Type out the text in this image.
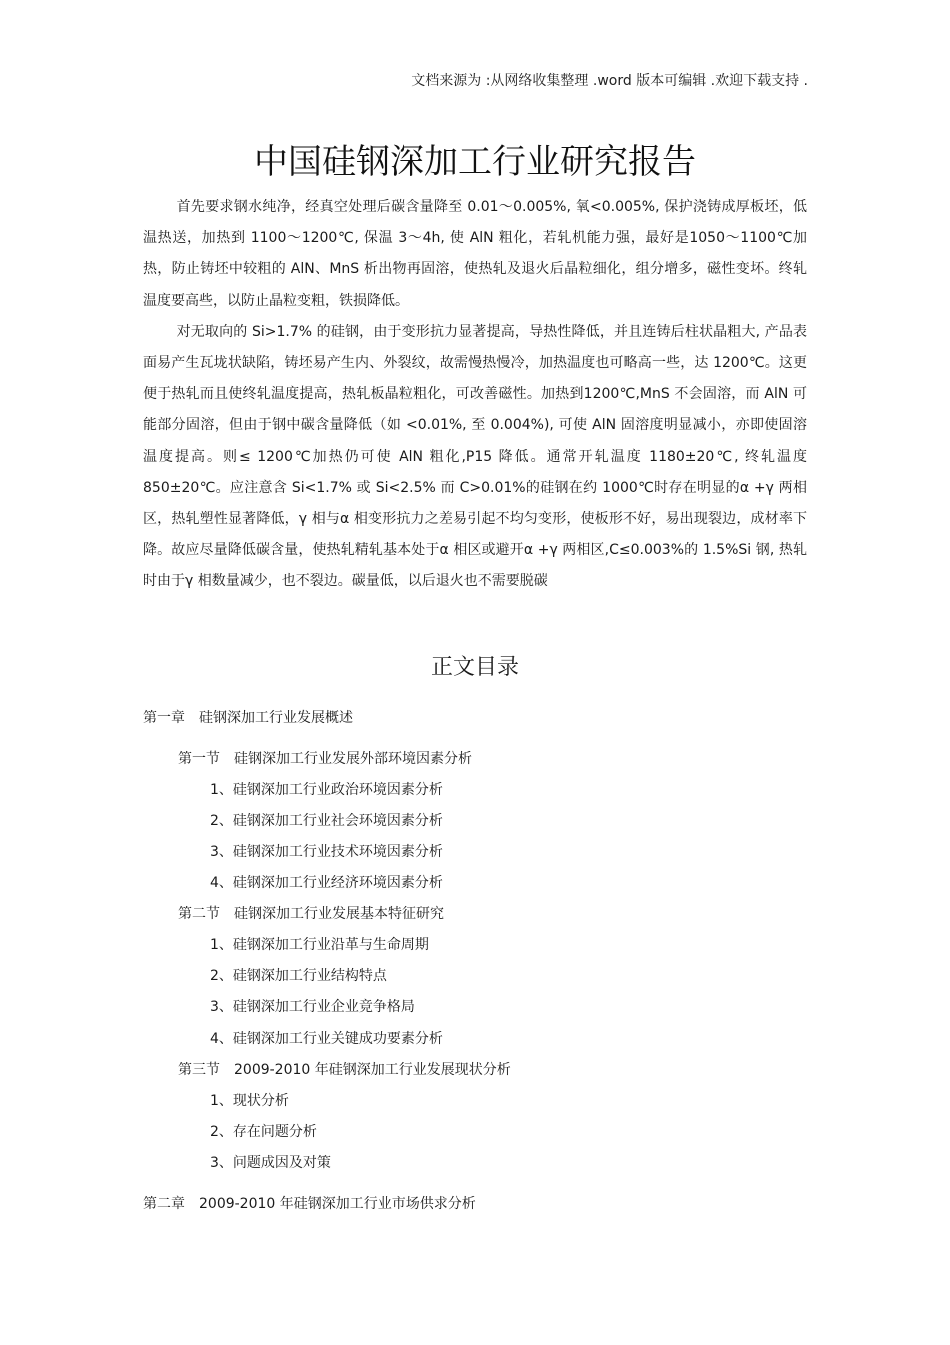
文档来源为 :从网络收集整理 .word 版本可编辑 .欢迎下载支持 .
中国硅钢深加工行业研究报告

首先要求钢水纯净，经真空处理后碳含量降至 0.01～0.005%, 氧<0.005%, 保护浇铸成厚板坯，低温热送，加热到 1100～1200℃, 保温 3～4h, 使 AlN 粗化，若轧机能力强，最好是1050～1100℃加热，防止铸坯中较粗的 AlN、MnS 析出物再固溶，使热轧及退火后晶粒细化，组分增多，磁性变坏。终轧温度要高些，以防止晶粒变粗，铁损降低。

对无取向的 Si>1.7% 的硅钢，由于变形抗力显著提高，导热性降低，并且连铸后柱状晶粗大, 产品表面易产生瓦垅状缺陷，铸坯易产生内、外裂纹，故需慢热慢冷，加热温度也可略高一些，达 1200℃。这更便于热轧而且使终轧温度提高，热轧板晶粒粗化，可改善磁性。加热到1200℃,MnS 不会固溶，而 AlN 可能部分固溶，但由于钢中碳含量降低（如 <0.01%, 至 0.004%), 可使 AlN 固溶度明显减小，亦即使固溶温度提高。则≤ 1200℃加热仍可使 AlN 粗化,P15 降低。通常开轧温度 1180±20℃, 终轧温度 850±20℃。应注意含 Si<1.7% 或 Si<2.5% 而 C>0.01%的硅钢在约 1000℃时存在明显的α +γ 两相区，热轧塑性显著降低，γ 相与α 相变形抗力之差易引起不均匀变形，使板形不好，易出现裂边，成材率下降。故应尽量降低碳含量，使热轧精轧基本处于α 相区或避开α +γ 两相区,C≤0.003%的 1.5%Si 钢, 热轧时由于γ 相数量减少，也不裂边。碳量低，以后退火也不需要脱碳

正文目录
第一章　硅钢深加工行业发展概述
第一节　硅钢深加工行业发展外部环境因素分析
1、硅钢深加工行业政治环境因素分析
2、硅钢深加工行业社会环境因素分析
3、硅钢深加工行业技术环境因素分析
4、硅钢深加工行业经济环境因素分析
第二节　硅钢深加工行业发展基本特征研究
1、硅钢深加工行业沿革与生命周期
2、硅钢深加工行业结构特点
3、硅钢深加工行业企业竞争格局
4、硅钢深加工行业关键成功要素分析
第三节　2009-2010 年硅钢深加工行业发展现状分析
1、现状分析
2、存在问题分析
3、问题成因及对策
第二章　2009-2010 年硅钢深加工行业市场供求分析
